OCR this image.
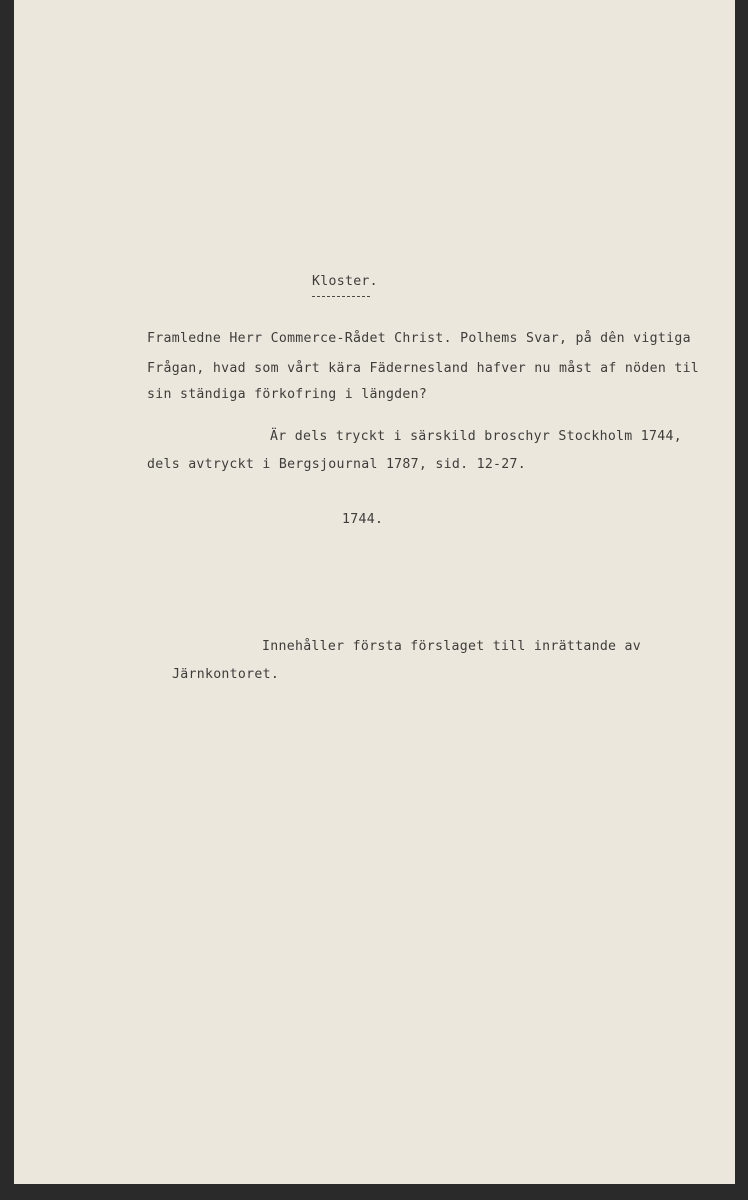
Kloster.
Framledne Herr Commerce-Rådet Christ. Polhems Svar, på dên vigtiga
Frågan, hvad som vårt kära Fädernesland hafver nu måst af nöden til
sin ständiga förkofring i längden?
Är dels tryckt i särskild broschyr Stockholm 1744,
dels avtryckt i Bergsjournal 1787, sid. 12-27.
1744.
Innehåller första förslaget till inrättande av
Järnkontoret.
